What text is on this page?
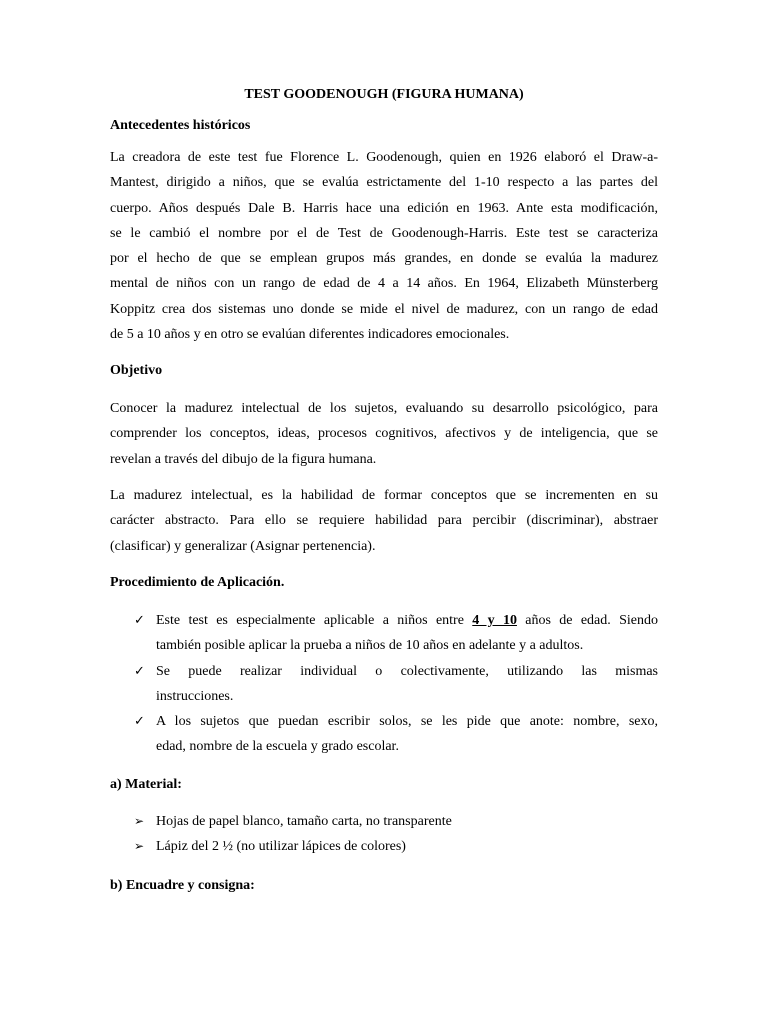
TEST GOODENOUGH (FIGURA HUMANA)
Antecedentes históricos
La creadora de este test fue Florence L. Goodenough, quien en 1926 elaboró el Draw-a-
Mantest, dirigido a niños, que se evalúa estrictamente del 1-10 respecto a las partes del
cuerpo. Años después Dale B. Harris hace una edición en 1963. Ante esta modificación,
se le cambió el nombre por el de Test de Goodenough-Harris. Este test se caracteriza
por el hecho de que se emplean grupos más grandes, en donde se evalúa la madurez
mental de niños con un rango de edad de 4 a 14 años. En 1964, Elizabeth Münsterberg
Koppitz crea dos sistemas uno donde se mide el nivel de madurez, con un rango de edad
de 5 a 10 años y en otro se evalúan diferentes indicadores emocionales.
Objetivo
Conocer la madurez intelectual de los sujetos, evaluando su desarrollo psicológico, para
comprender los conceptos, ideas, procesos cognitivos, afectivos y de inteligencia, que se
revelan a través del dibujo de la figura humana.
La madurez intelectual, es la habilidad de formar conceptos que se incrementen en su
carácter abstracto. Para ello se requiere habilidad para percibir (discriminar), abstraer
(clasificar) y generalizar (Asignar pertenencia).
Procedimiento de Aplicación.
✓ Este test es especialmente aplicable a niños entre 4 y 10 años de edad. Siendo
también posible aplicar la prueba a niños de 10 años en adelante y a adultos.
✓ Se puede realizar individual o colectivamente, utilizando las mismas
instrucciones.
✓ A los sujetos que puedan escribir solos, se les pide que anote: nombre, sexo,
edad, nombre de la escuela y grado escolar.
a) Material:
➢ Hojas de papel blanco, tamaño carta, no transparente
➢ Lápiz del 2 ½ (no utilizar lápices de colores)
b) Encuadre y consigna:
